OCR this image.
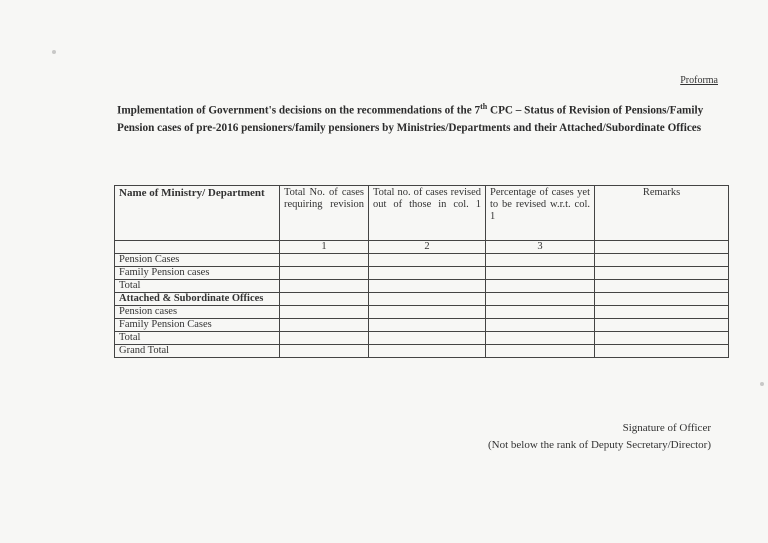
Proforma
Implementation of Government's decisions on the recommendations of the 7th CPC – Status of Revision of Pensions/Family Pension cases of pre-2016 pensioners/family pensioners by Ministries/Departments and their Attached/Subordinate Offices
Name of Ministry/ Department	Total No. of cases requiring revision	Total no. of cases revised out of those in col. 1	Percentage of cases yet to be revised w.r.t. col. 1	Remarks
	1	2	3	
Pension Cases				
Family Pension cases				
Total				
Attached & Subordinate Offices				
Pension cases				
Family Pension Cases				
Total				
Grand Total				
Signature of Officer
(Not below the rank of Deputy Secretary/Director)
